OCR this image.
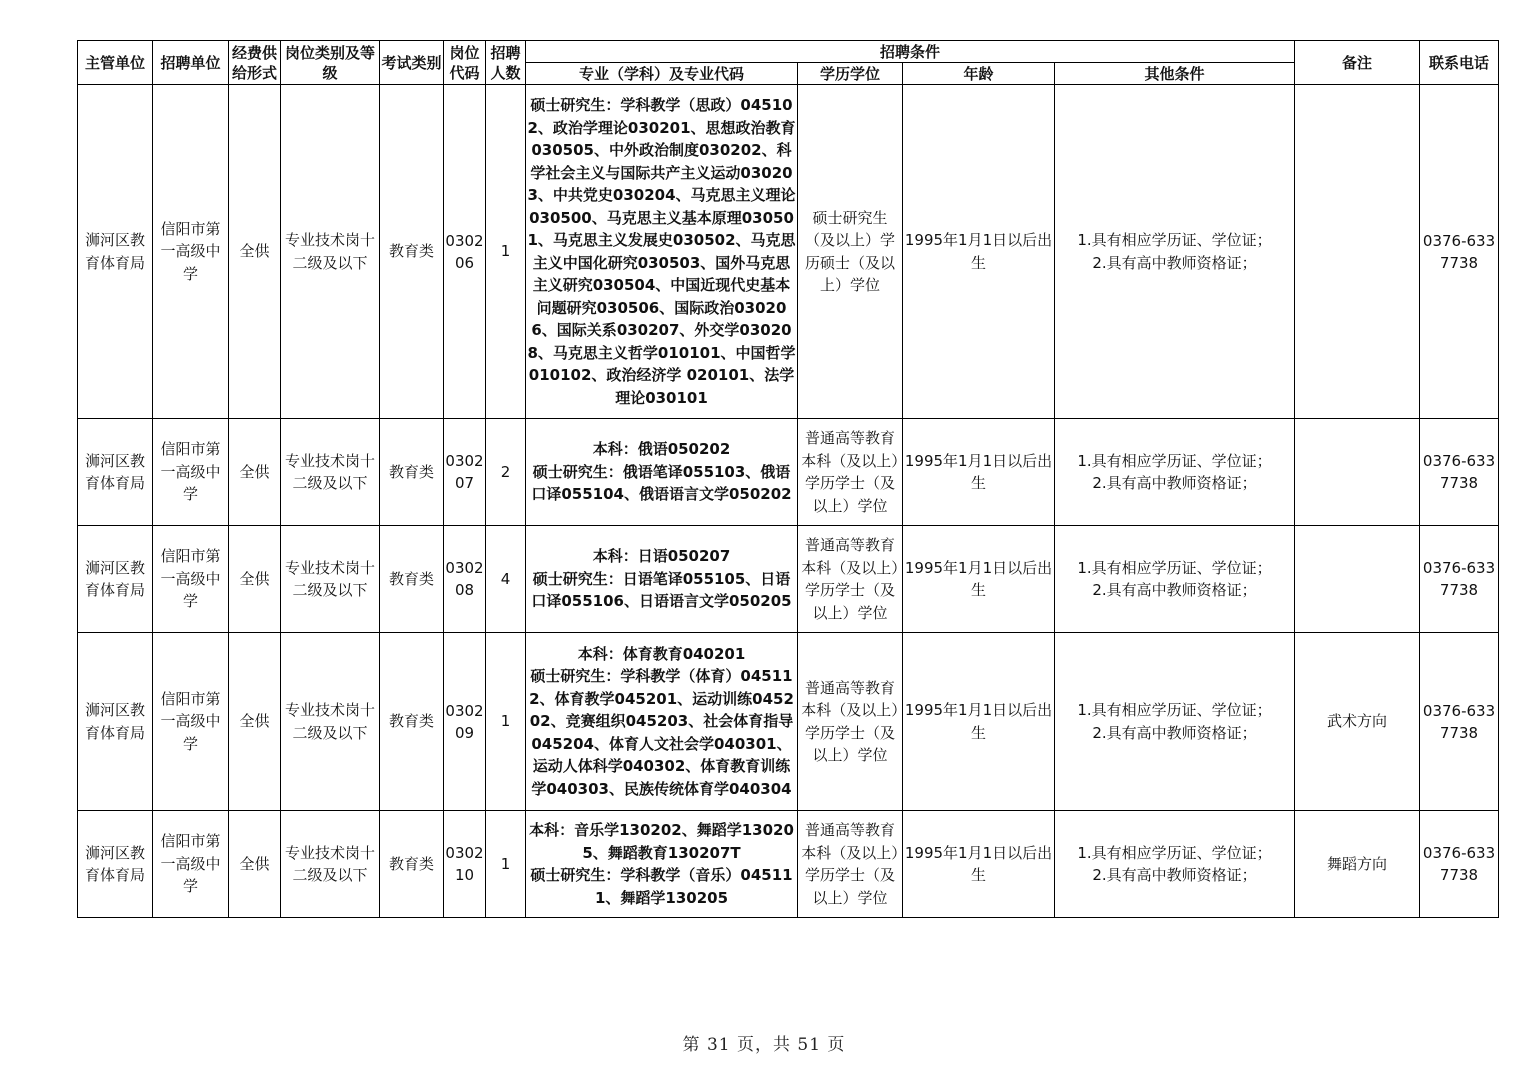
主管单位	招聘单位	经费供给形式	岗位类别及等级	考试类别	岗位代码	招聘人数	招聘条件				备注	联系电话
							专业（学科）及专业代码	学历学位	年龄	其他条件		
浉河区教育体育局	信阳市第一高级中学	全供	专业技术岗十二级及以下	教育类	030206	1	硕士研究生：学科教学（思政）045102、政治学理论030201、思想政治教育030505、中外政治制度030202、科学社会主义与国际共产主义运动030203、中共党史030204、马克思主义理论030500、马克思主义基本原理030501、马克思主义发展史030502、马克思主义中国化研究030503、国外马克思主义研究030504、中国近现代史基本问题研究030506、国际政治030206、国际关系030207、外交学030208、马克思主义哲学010101、中国哲学010102、政治经济学 020101、法学理论030101	硕士研究生（及以上）学历硕士（及以上）学位	1995年1月1日以后出生	1.具有相应学历证、学位证；
2.具有高中教师资格证；		0376-6337738
浉河区教育体育局	信阳市第一高级中学	全供	专业技术岗十二级及以下	教育类	030207	2	本科：俄语050202
硕士研究生：俄语笔译055103、俄语口译055104、俄语语言文学050202	普通高等教育本科（及以上）学历学士（及以上）学位	1995年1月1日以后出生	1.具有相应学历证、学位证；
2.具有高中教师资格证；		0376-6337738
浉河区教育体育局	信阳市第一高级中学	全供	专业技术岗十二级及以下	教育类	030208	4	本科：日语050207
硕士研究生：日语笔译055105、日语口译055106、日语语言文学050205	普通高等教育本科（及以上）学历学士（及以上）学位	1995年1月1日以后出生	1.具有相应学历证、学位证；
2.具有高中教师资格证；		0376-6337738
浉河区教育体育局	信阳市第一高级中学	全供	专业技术岗十二级及以下	教育类	030209	1	本科：体育教育040201
硕士研究生：学科教学（体育）045112、体育教学045201、运动训练045202、竞赛组织045203、社会体育指导045204、体育人文社会学040301、运动人体科学040302、体育教育训练学040303、民族传统体育学040304	普通高等教育本科（及以上）学历学士（及以上）学位	1995年1月1日以后出生	1.具有相应学历证、学位证；
2.具有高中教师资格证；	武术方向	0376-6337738
浉河区教育体育局	信阳市第一高级中学	全供	专业技术岗十二级及以下	教育类	030210	1	本科：音乐学130202、舞蹈学130205、舞蹈教育130207T
硕士研究生：学科教学（音乐）045111、舞蹈学130205	普通高等教育本科（及以上）学历学士（及以上）学位	1995年1月1日以后出生	1.具有相应学历证、学位证；
2.具有高中教师资格证；	舞蹈方向	0376-6337738
第 31 页，共 51 页
